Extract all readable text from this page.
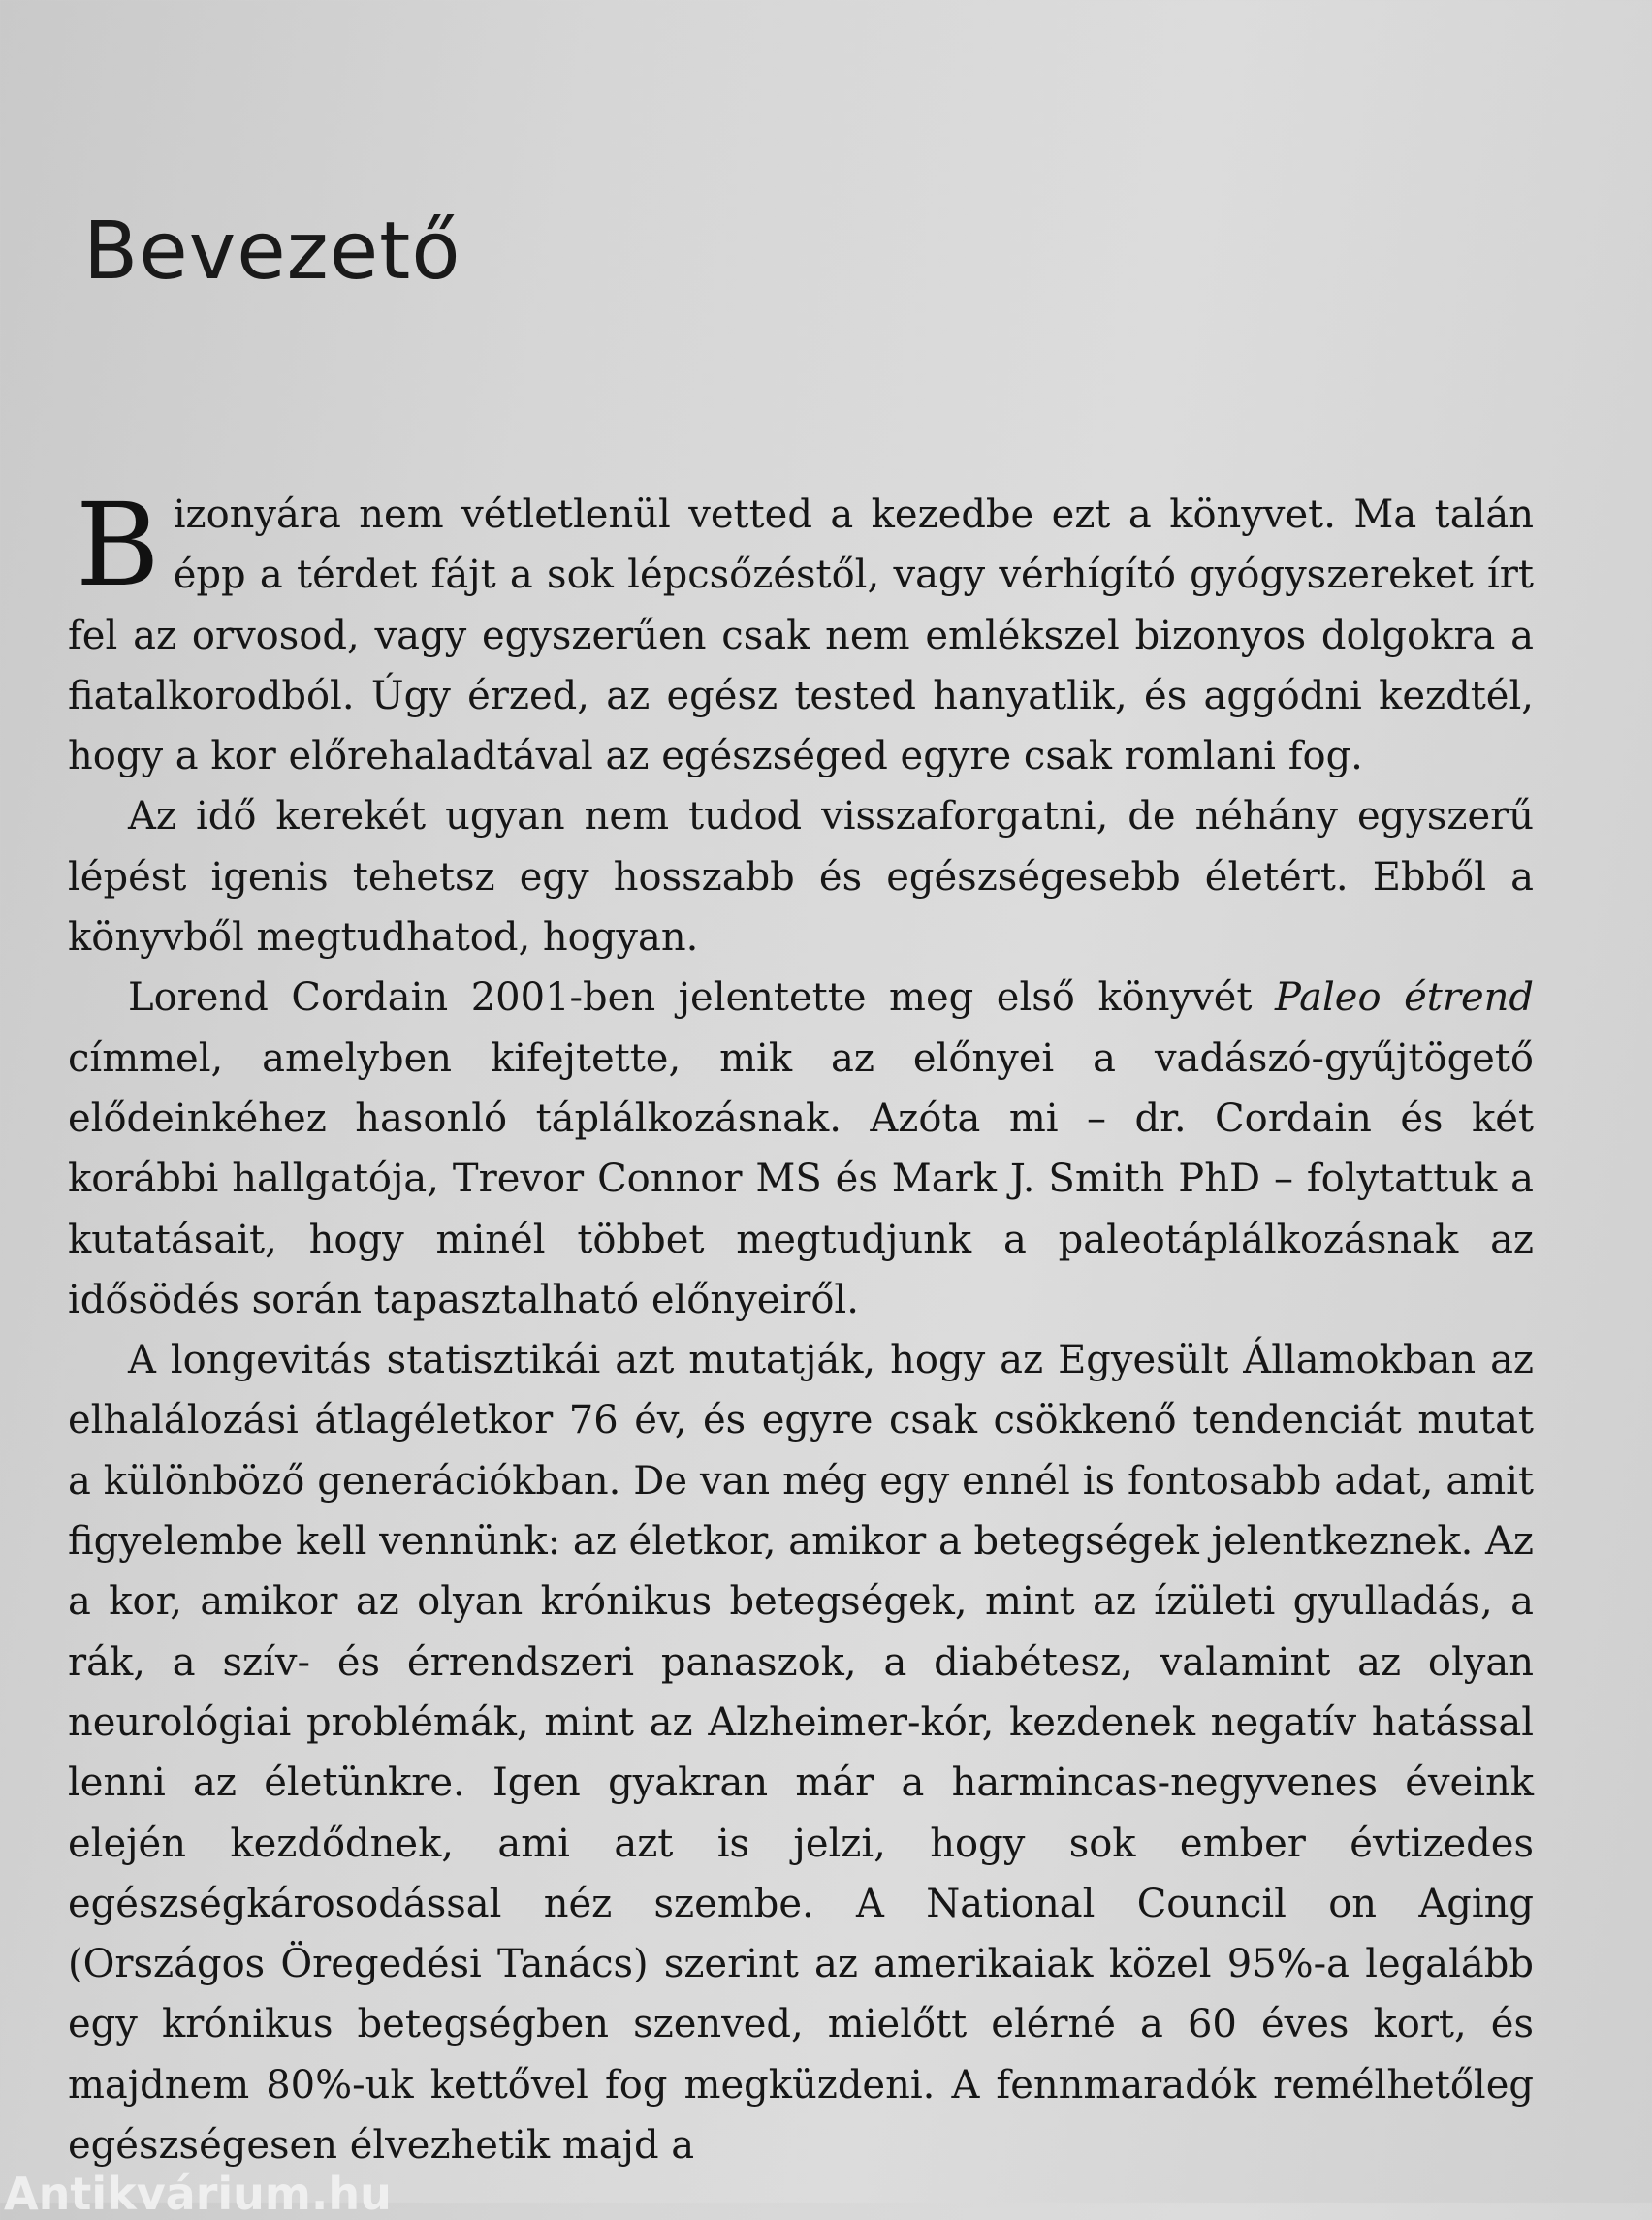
Bevezető

Bizonyára nem vétletlenül vetted a kezedbe ezt a könyvet. Ma talán épp a térdet fájt a sok lépcsőzéstől, vagy vérhígító gyógyszereket írt fel az orvosod, vagy egyszerűen csak nem emlékszel bizonyos dolgokra a fiatalkorodból. Úgy érzed, az egész tested hanyatlik, és aggódni kezdtél, hogy a kor előrehaladtával az egészséged egyre csak romlani fog.

Az idő kerekét ugyan nem tudod visszaforgatni, de néhány egyszerű lépést igenis tehetsz egy hosszabb és egészségesebb életért. Ebből a könyvből megtudhatod, hogyan.

Lorend Cordain 2001-ben jelentette meg első könyvét Paleo étrend címmel, amelyben kifejtette, mik az előnyei a vadászó-gyűjtögető elődeinkéhez hasonló táplálkozásnak. Azóta mi – dr. Cordain és két korábbi hallgatója, Trevor Connor MS és Mark J. Smith PhD – folytattuk a kutatásait, hogy minél többet megtudjunk a paleotáplálkozásnak az idősödés során tapasztalható előnyeiről.

A longevitás statisztikái azt mutatják, hogy az Egyesült Államokban az elhalálozási átlagéletkor 76 év, és egyre csak csökkenő tendenciát mutat a különböző generációkban. De van még egy ennél is fontosabb adat, amit figyelembe kell vennünk: az életkor, amikor a betegségek jelentkeznek. Az a kor, amikor az olyan krónikus betegségek, mint az ízületi gyulladás, a rák, a szív- és érrendszeri panaszok, a diabétesz, valamint az olyan neurológiai problémák, mint az Alzheimer-kór, kezdenek negatív hatással lenni az életünkre. Igen gyakran már a harmincas-negyvenes éveink elején kezdődnek, ami azt is jelzi, hogy sok ember évtizedes egészségkárosodással néz szembe. A National Council on Aging (Országos Öregedési Tanács) szerint az amerikaiak közel 95%-a legalább egy krónikus betegségben szenved, mielőtt elérné a 60 éves kort, és majdnem 80%-uk kettővel fog megküzdeni. A fennmaradók remélhetőleg egészségesen élvezhetik majd a

Antikvárium.hu
